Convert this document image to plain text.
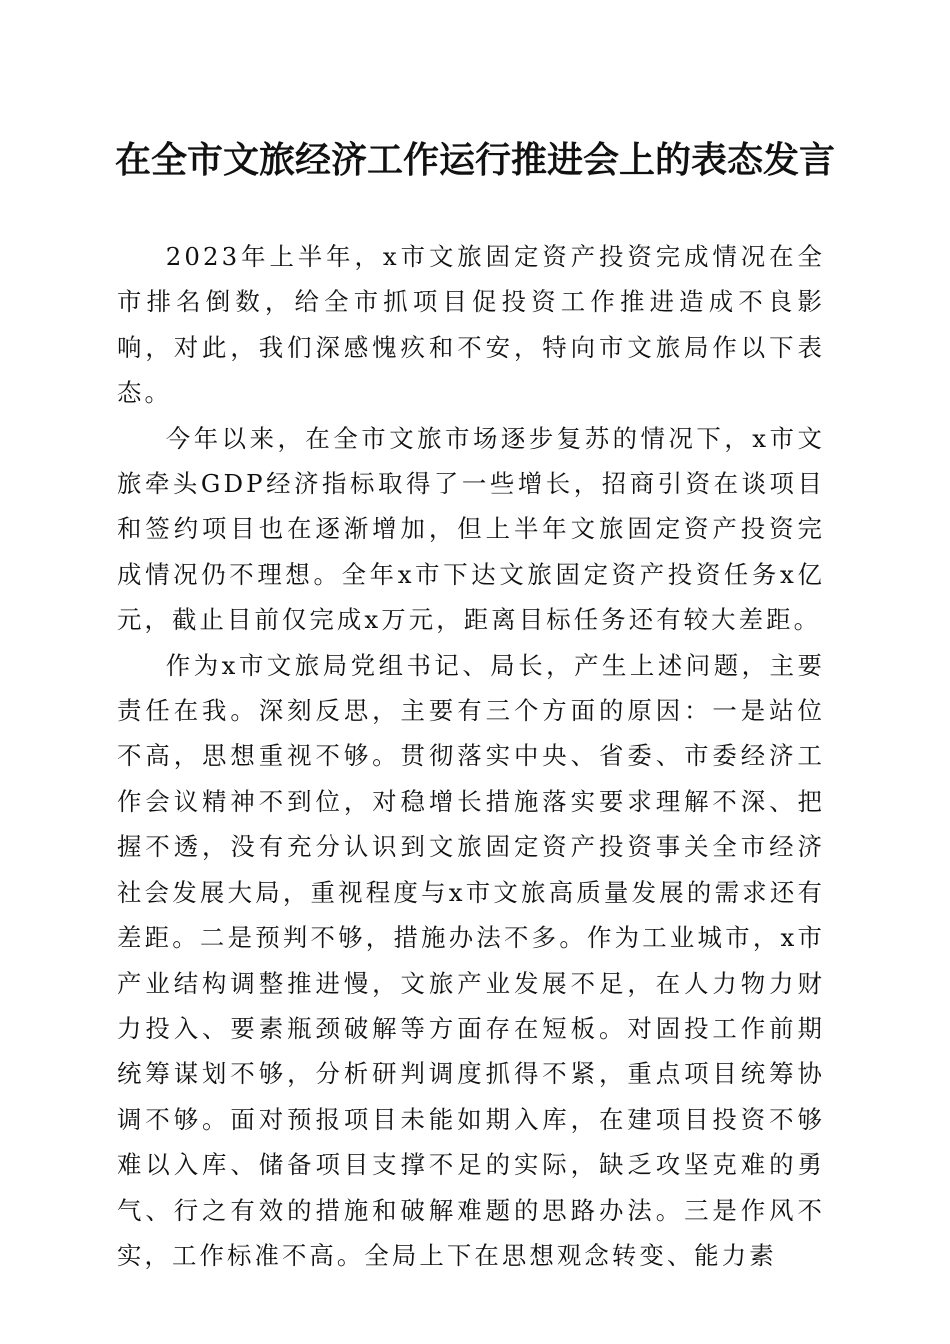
在全市文旅经济工作运行推进会上的表态发言

2023年上半年，x市文旅固定资产投资完成情况在全市排名倒数，给全市抓项目促投资工作推进造成不良影响，对此，我们深感愧疚和不安，特向市文旅局作以下表态。

今年以来，在全市文旅市场逐步复苏的情况下，x市文旅牵头GDP经济指标取得了一些增长，招商引资在谈项目和签约项目也在逐渐增加，但上半年文旅固定资产投资完成情况仍不理想。全年x市下达文旅固定资产投资任务x亿元，截止目前仅完成x万元，距离目标任务还有较大差距。

作为x市文旅局党组书记、局长，产生上述问题，主要责任在我。深刻反思，主要有三个方面的原因：一是站位不高，思想重视不够。贯彻落实中央、省委、市委经济工作会议精神不到位，对稳增长措施落实要求理解不深、把握不透，没有充分认识到文旅固定资产投资事关全市经济社会发展大局，重视程度与x市文旅高质量发展的需求还有差距。二是预判不够，措施办法不多。作为工业城市，x市产业结构调整推进慢，文旅产业发展不足，在人力物力财力投入、要素瓶颈破解等方面存在短板。对固投工作前期统筹谋划不够，分析研判调度抓得不紧，重点项目统筹协调不够。面对预报项目未能如期入库，在建项目投资不够难以入库、储备项目支撑不足的实际，缺乏攻坚克难的勇气、行之有效的措施和破解难题的思路办法。三是作风不实，工作标准不高。全局上下在思想观念转变、能力素
